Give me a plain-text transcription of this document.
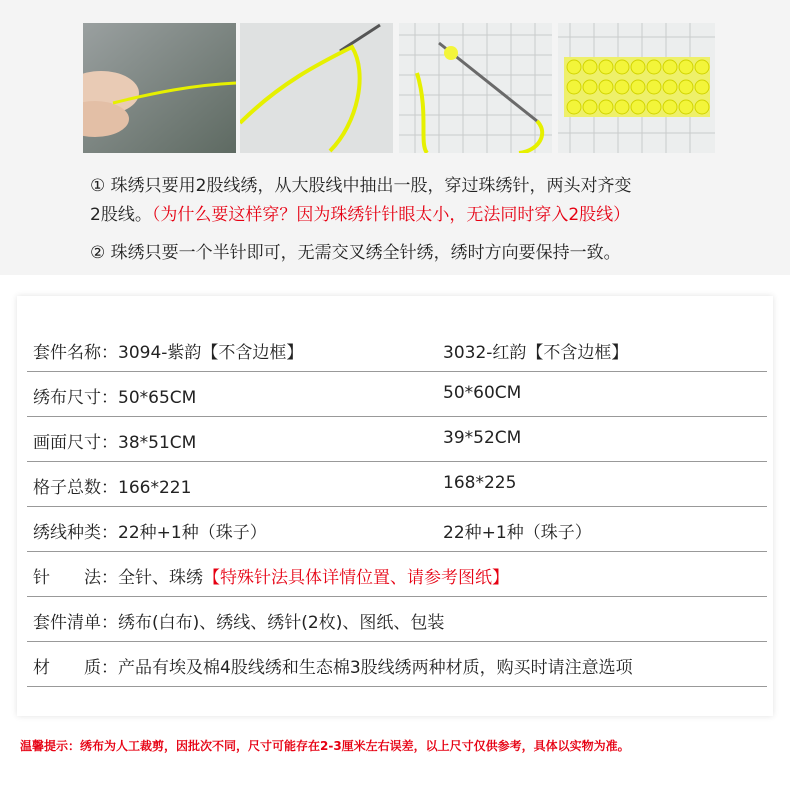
① 珠绣只要用2股线绣，从大股线中抽出一股，穿过珠绣针，两头对齐变
2股线。（为什么要这样穿？因为珠绣针针眼太小，无法同时穿入2股线）
② 珠绣只要一个半针即可，无需交叉绣全针绣，绣时方向要保持一致。
套件名称：3094-紫韵【不含边框】	3032-红韵【不含边框】
绣布尺寸：50*65CM	50*60CM
画面尺寸：38*51CM	39*52CM
格子总数：166*221	168*225
绣线种类：22种+1种（珠子）	22种+1种（珠子）
针 法：全针、珠绣【特殊针法具体详情位置、请参考图纸】
套件清单：绣布(白布)、绣线、绣针(2枚)、图纸、包装
材 质：产品有埃及棉4股线绣和生态棉3股线绣两种材质，购买时请注意选项
温馨提示：绣布为人工裁剪，因批次不同，尺寸可能存在2-3厘米左右误差，以上尺寸仅供参考，具体以实物为准。
